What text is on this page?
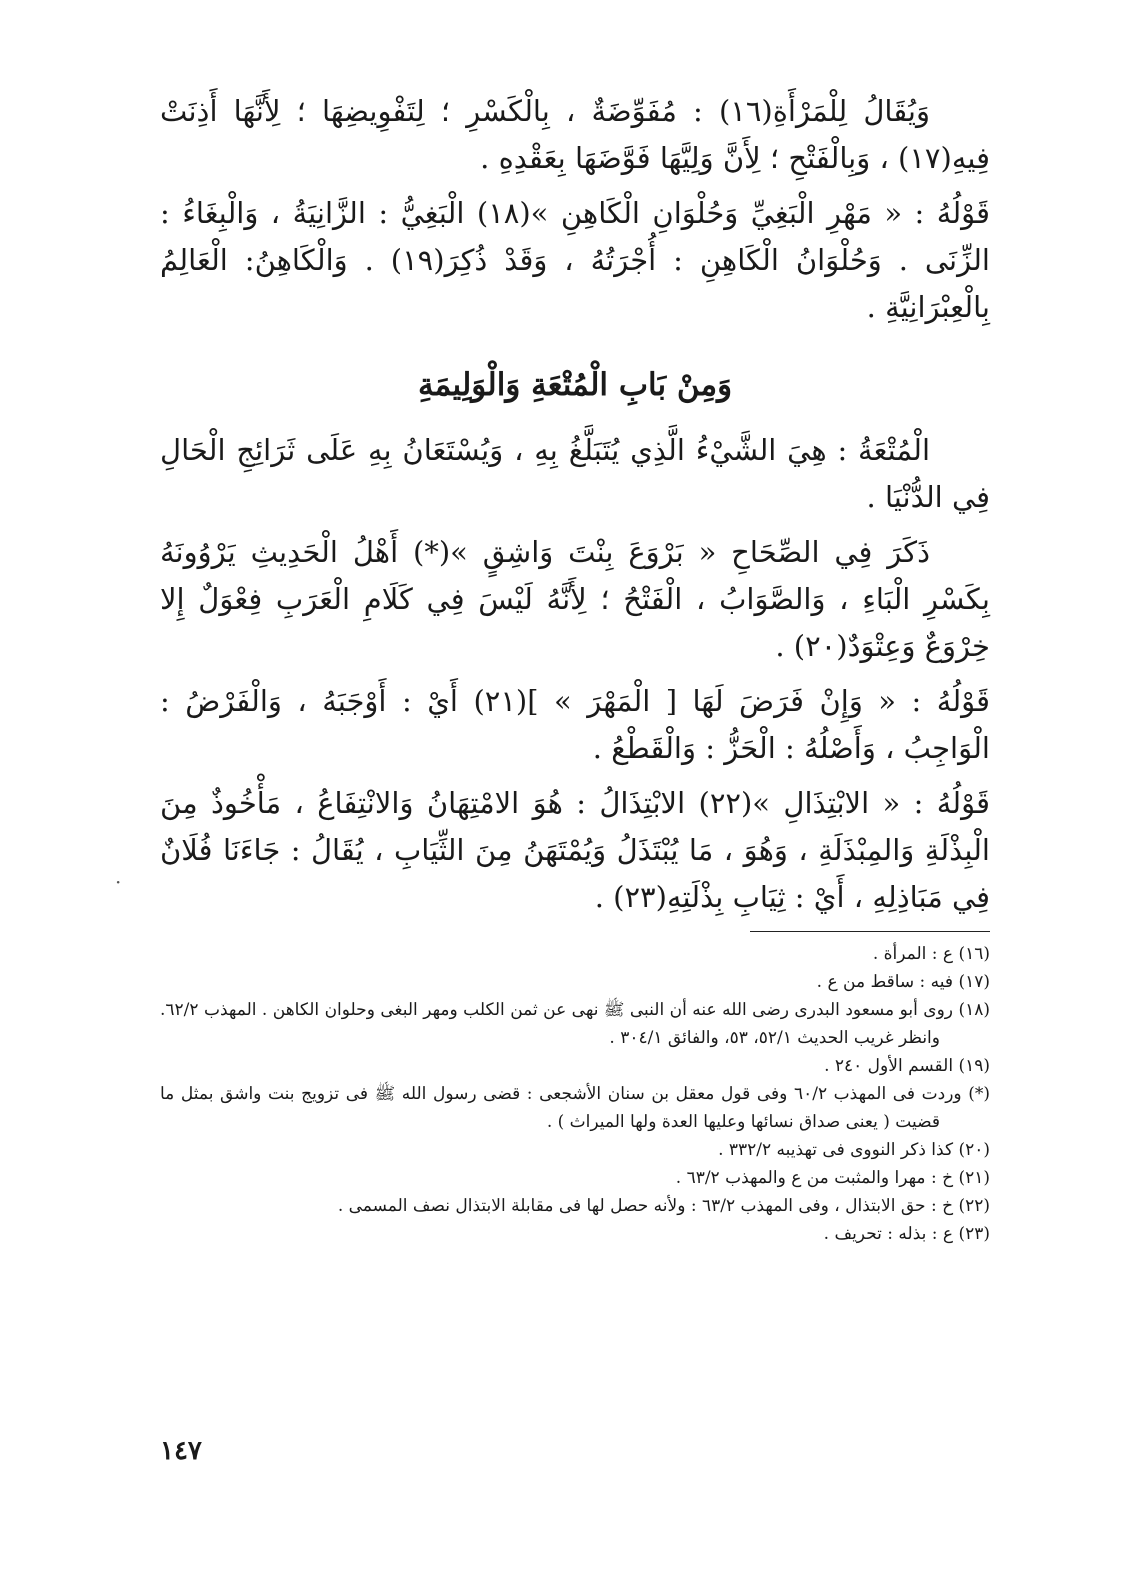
وَيُقَالُ لِلْمَرْأَةِ(١٦) : مُفَوِّضَةٌ ، بِالْكَسْرِ ؛ لِتَفْوِيضِهَا ؛ لِأَنَّهَا أَذِنَتْ فِيهِ(١٧) ، وَبِالْفَتْحِ ؛ لِأَنَّ وَلِيَّهَا فَوَّضَهَا بِعَقْدِهِ .

قَوْلُهُ : « مَهْرِ الْبَغِيِّ وَحُلْوَانِ الْكَاهِنِ »(١٨) الْبَغِيُّ : الزَّانِيَةُ ، وَالْبِغَاءُ : الزِّنَى . وَحُلْوَانُ الْكَاهِنِ : أُجْرَتُهُ ، وَقَدْ ذُكِرَ(١٩) . وَالْكَاهِنُ: الْعَالِمُ بِالْعِبْرَانِيَّةِ .

وَمِنْ بَابِ الْمُتْعَةِ وَالْوَلِيمَةِ

الْمُتْعَةُ : هِيَ الشَّيْءُ الَّذِي يُتَبَلَّغُ بِهِ ، وَيُسْتَعَانُ بِهِ عَلَى ثَرَائِجِ الْحَالِ فِي الدُّنْيَا .

ذَكَرَ فِي الصِّحَاحِ « بَرْوَعَ بِنْتَ وَاشِقٍ »(*) أَهْلُ الْحَدِيثِ يَرْوُونَهُ بِكَسْرِ الْبَاءِ ، وَالصَّوَابُ ، الْفَتْحُ ؛ لِأَنَّهُ لَيْسَ فِي كَلَامِ الْعَرَبِ فِعْوَلٌ إِلا خِرْوَعٌ وَعِتْوَدٌ(٢٠) .

قَوْلُهُ : « وَإِنْ فَرَضَ لَهَا [ الْمَهْرَ » ](٢١) أَيْ : أَوْجَبَهُ ، وَالْفَرْضُ : الْوَاجِبُ ، وَأَصْلُهُ : الْحَزُّ : وَالْقَطْعُ .

قَوْلُهُ : « الابْتِذَالِ »(٢٢) الابْتِذَالُ : هُوَ الامْتِهَانُ وَالانْتِفَاعُ ، مَأْخُوذٌ مِنَ الْبِذْلَةِ وَالمِبْذَلَةِ ، وَهُوَ ، مَا يُبْتَذَلُ وَيُمْتَهَنُ مِنَ الثِّيَابِ ، يُقَالُ : جَاءَنَا فُلَانٌ فِي مَبَاذِلِهِ ، أَيْ : ثِيَابِ بِذْلَتِهِ(٢٣) .

(١٦) ع : المرأة .

(١٧) فيه : ساقط من ع .

(١٨) روى أبو مسعود البدرى رضى الله عنه أن النبى ﷺ نهى عن ثمن الكلب ومهر البغى وحلوان الكاهن . المهذب ٦٢/٢. وانظر غريب الحديث ٥٢/١، ٥٣، والفائق ٣٠٤/١ .

(١٩) القسم الأول ٢٤٠ .

(*) وردت فى المهذب ٦٠/٢ وفى قول معقل بن سنان الأشجعى : قضى رسول الله ﷺ فى تزويج بنت واشق بمثل ما قضيت ( يعنى صداق نسائها وعليها العدة ولها الميراث ) .

(٢٠) كذا ذكر النووى فى تهذيبه ٣٣٢/٢ .

(٢١) خ : مهرا والمثبت من ع والمهذب ٦٣/٢ .

(٢٢) خ : حق الابتذال ، وفى المهذب ٦٣/٢ : ولأنه حصل لها فى مقابلة الابتذال نصف المسمى .

(٢٣) ع : بذله : تحريف .

·
١٤٧
